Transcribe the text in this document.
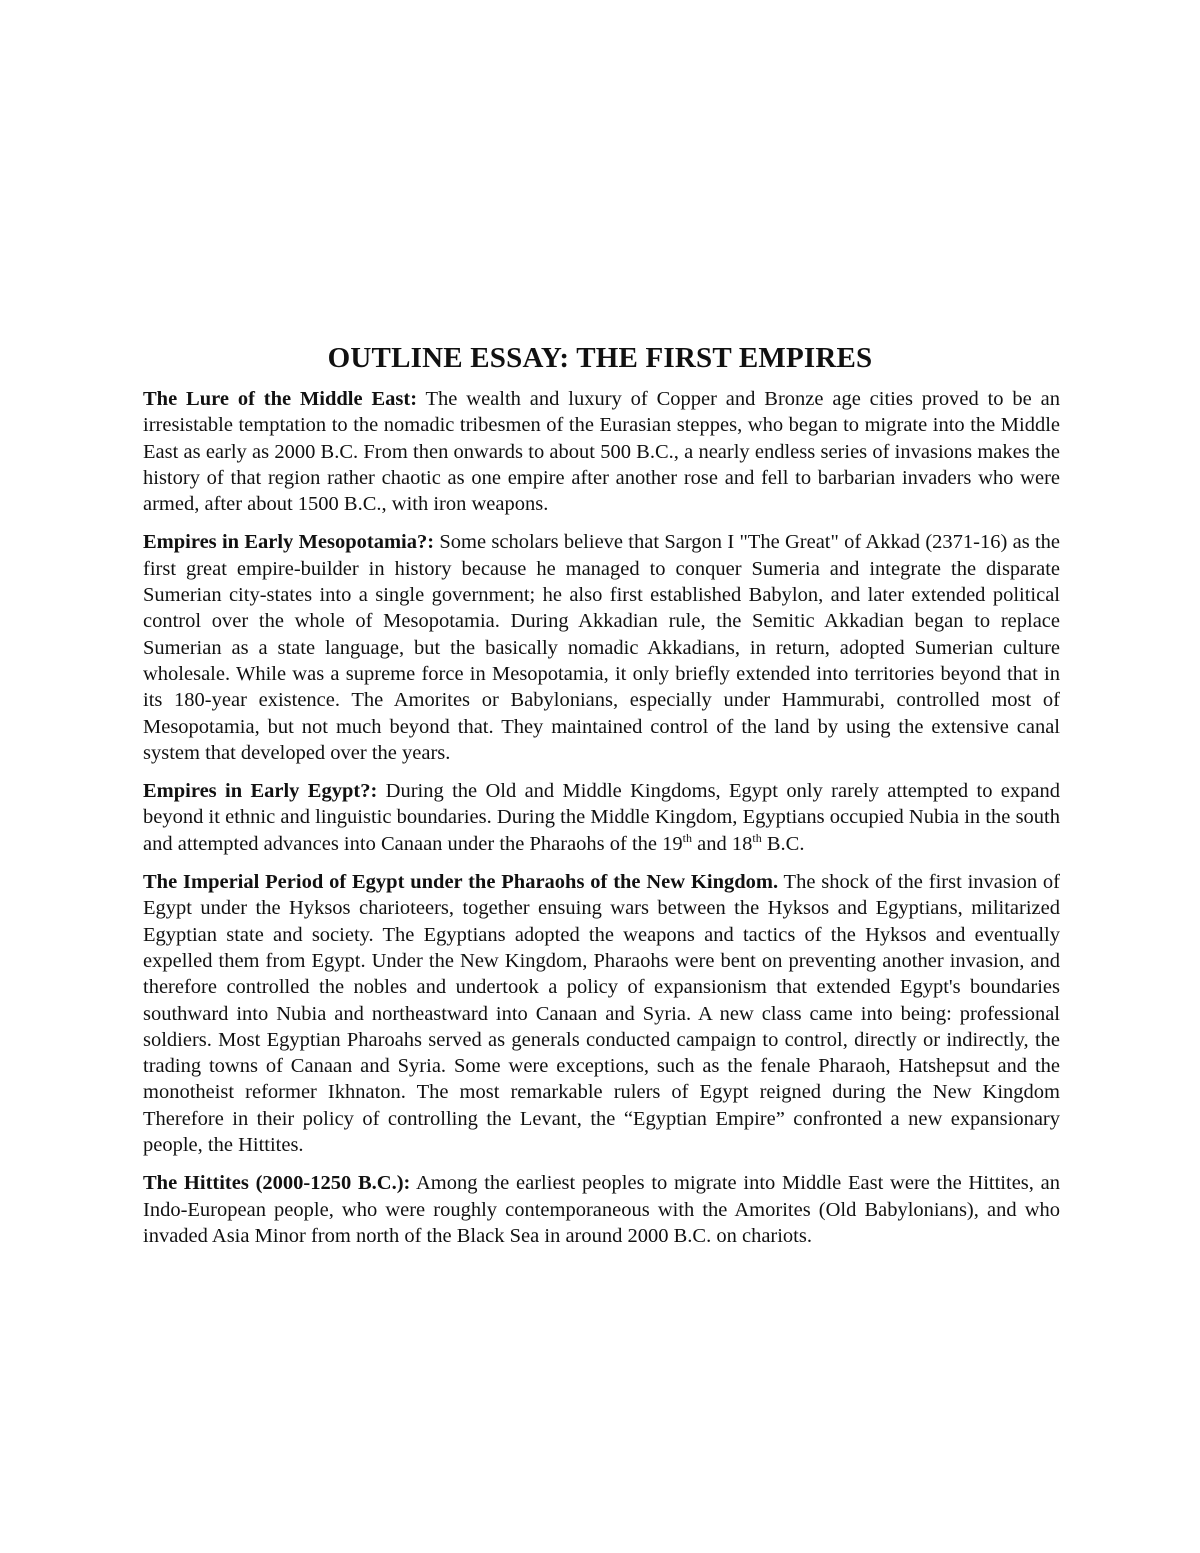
OUTLINE ESSAY: THE FIRST EMPIRES

The Lure of the Middle East: The wealth and luxury of Copper and Bronze age cities proved to be an irresistable temptation to the nomadic tribesmen of the Eurasian steppes, who began to migrate into the Middle East as early as 2000 B.C. From then onwards to about 500 B.C., a nearly endless series of invasions makes the history of that region rather chaotic as one empire after another rose and fell to barbarian invaders who were armed, after about 1500 B.C., with iron weapons.

Empires in Early Mesopotamia?: Some scholars believe that Sargon I "The Great" of Akkad (2371-16) as the first great empire-builder in history because he managed to conquer Sumeria and integrate the disparate Sumerian city-states into a single government; he also first established Babylon, and later extended political control over the whole of Mesopotamia. During Akkadian rule, the Semitic Akkadian began to replace Sumerian as a state language, but the basically nomadic Akkadians, in return, adopted Sumerian culture wholesale. While was a supreme force in Mesopotamia, it only briefly extended into territories beyond that in its 180-year existence. The Amorites or Babylonians, especially under Hammurabi, controlled most of Mesopotamia, but not much beyond that. They maintained control of the land by using the extensive canal system that developed over the years.

Empires in Early Egypt?: During the Old and Middle Kingdoms, Egypt only rarely attempted to expand beyond it ethnic and linguistic boundaries. During the Middle Kingdom, Egyptians occupied Nubia in the south and attempted advances into Canaan under the Pharaohs of the 19th and 18th B.C.

The Imperial Period of Egypt under the Pharaohs of the New Kingdom. The shock of the first invasion of Egypt under the Hyksos charioteers, together ensuing wars between the Hyksos and Egyptians, militarized Egyptian state and society. The Egyptians adopted the weapons and tactics of the Hyksos and eventually expelled them from Egypt. Under the New Kingdom, Pharaohs were bent on preventing another invasion, and therefore controlled the nobles and undertook a policy of expansionism that extended Egypt's boundaries southward into Nubia and northeastward into Canaan and Syria. A new class came into being: professional soldiers. Most Egyptian Pharoahs served as generals conducted campaign to control, directly or indirectly, the trading towns of Canaan and Syria. Some were exceptions, such as the fenale Pharaoh, Hatshepsut and the monotheist reformer Ikhnaton. The most remarkable rulers of Egypt reigned during the New Kingdom Therefore in their policy of controlling the Levant, the “Egyptian Empire” confronted a new expansionary people, the Hittites.

The Hittites (2000-1250 B.C.): Among the earliest peoples to migrate into Middle East were the Hittites, an Indo-European people, who were roughly contemporaneous with the Amorites (Old Babylonians), and who invaded Asia Minor from north of the Black Sea in around 2000 B.C. on chariots.
